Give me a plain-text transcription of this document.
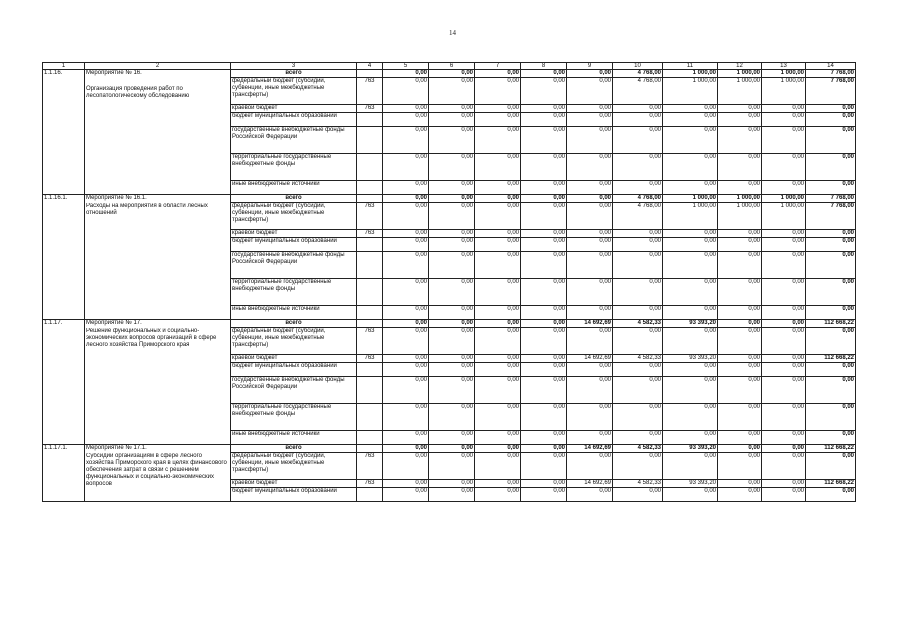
14
1	2	3	4	5	6	7	8	9	10	11	12	13	14
1.1.16.	Мероприятие № 16.	всего		0,00	0,00	0,00	0,00	0,00	4 768,00	1 000,00	1 000,00	1 000,00	7 768,00
	Организация проведения работ по лесопатологическому обследованию	федеральный бюджет (субсидии, субвенции, иные межбюджетные трансферты)	763	0,00	0,00	0,00	0,00	0,00	4 768,00	1 000,00	1 000,00	1 000,00	7 768,00
		краевой бюджет	763	0,00	0,00	0,00	0,00	0,00	0,00	0,00	0,00	0,00	0,00
		бюджет муниципальных образований		0,00	0,00	0,00	0,00	0,00	0,00	0,00	0,00	0,00	0,00
		государственные внебюджетные фонды Российской Федерации		0,00	0,00	0,00	0,00	0,00	0,00	0,00	0,00	0,00	0,00
		территориальные государственные внебюджетные фонды		0,00	0,00	0,00	0,00	0,00	0,00	0,00	0,00	0,00	0,00
		иные внебюджетные источники		0,00	0,00	0,00	0,00	0,00	0,00	0,00	0,00	0,00	0,00
1.1.16.1.	Мероприятие № 16.1.	всего		0,00	0,00	0,00	0,00	0,00	4 768,00	1 000,00	1 000,00	1 000,00	7 768,00
	Расходы на мероприятия в области лесных отношений	федеральный бюджет (субсидии, субвенции, иные межбюджетные трансферты)	763	0,00	0,00	0,00	0,00	0,00	4 768,00	1 000,00	1 000,00	1 000,00	7 768,00
		краевой бюджет	763	0,00	0,00	0,00	0,00	0,00	0,00	0,00	0,00	0,00	0,00
		бюджет муниципальных образований		0,00	0,00	0,00	0,00	0,00	0,00	0,00	0,00	0,00	0,00
		государственные внебюджетные фонды Российской Федерации		0,00	0,00	0,00	0,00	0,00	0,00	0,00	0,00	0,00	0,00
		территориальные государственные внебюджетные фонды		0,00	0,00	0,00	0,00	0,00	0,00	0,00	0,00	0,00	0,00
		иные внебюджетные источники		0,00	0,00	0,00	0,00	0,00	0,00	0,00	0,00	0,00	0,00
1.1.17.	Мероприятие № 17.	всего		0,00	0,00	0,00	0,00	14 692,69	4 582,33	93 393,20	0,00	0,00	112 668,22
	Решение функциональных и социально-экономических вопросов организаций в сфере лесного хозяйства Приморского края	федеральный бюджет (субсидии, субвенции, иные межбюджетные трансферты)	763	0,00	0,00	0,00	0,00	0,00	0,00	0,00	0,00	0,00	0,00
		краевой бюджет	763	0,00	0,00	0,00	0,00	14 692,69	4 582,33	93 393,20	0,00	0,00	112 668,22
		бюджет муниципальных образований		0,00	0,00	0,00	0,00	0,00	0,00	0,00	0,00	0,00	0,00
		государственные внебюджетные фонды Российской Федерации		0,00	0,00	0,00	0,00	0,00	0,00	0,00	0,00	0,00	0,00
		территориальные государственные внебюджетные фонды		0,00	0,00	0,00	0,00	0,00	0,00	0,00	0,00	0,00	0,00
		иные внебюджетные источники		0,00	0,00	0,00	0,00	0,00	0,00	0,00	0,00	0,00	0,00
1.1.17.1.	Мероприятие № 17.1.	всего		0,00	0,00	0,00	0,00	14 692,69	4 582,33	93 393,20	0,00	0,00	112 668,22
	Субсидии организациям в сфере лесного хозяйства Приморского края в целях финансового обеспечения затрат в связи с решением функциональных и социально-экономических вопросов	федеральный бюджет (субсидии, субвенции, иные межбюджетные трансферты)	763	0,00	0,00	0,00	0,00	0,00	0,00	0,00	0,00	0,00	0,00
		краевой бюджет	763	0,00	0,00	0,00	0,00	14 692,69	4 582,33	93 393,20	0,00	0,00	112 668,22
		бюджет муниципальных образований		0,00	0,00	0,00	0,00	0,00	0,00	0,00	0,00	0,00	0,00
